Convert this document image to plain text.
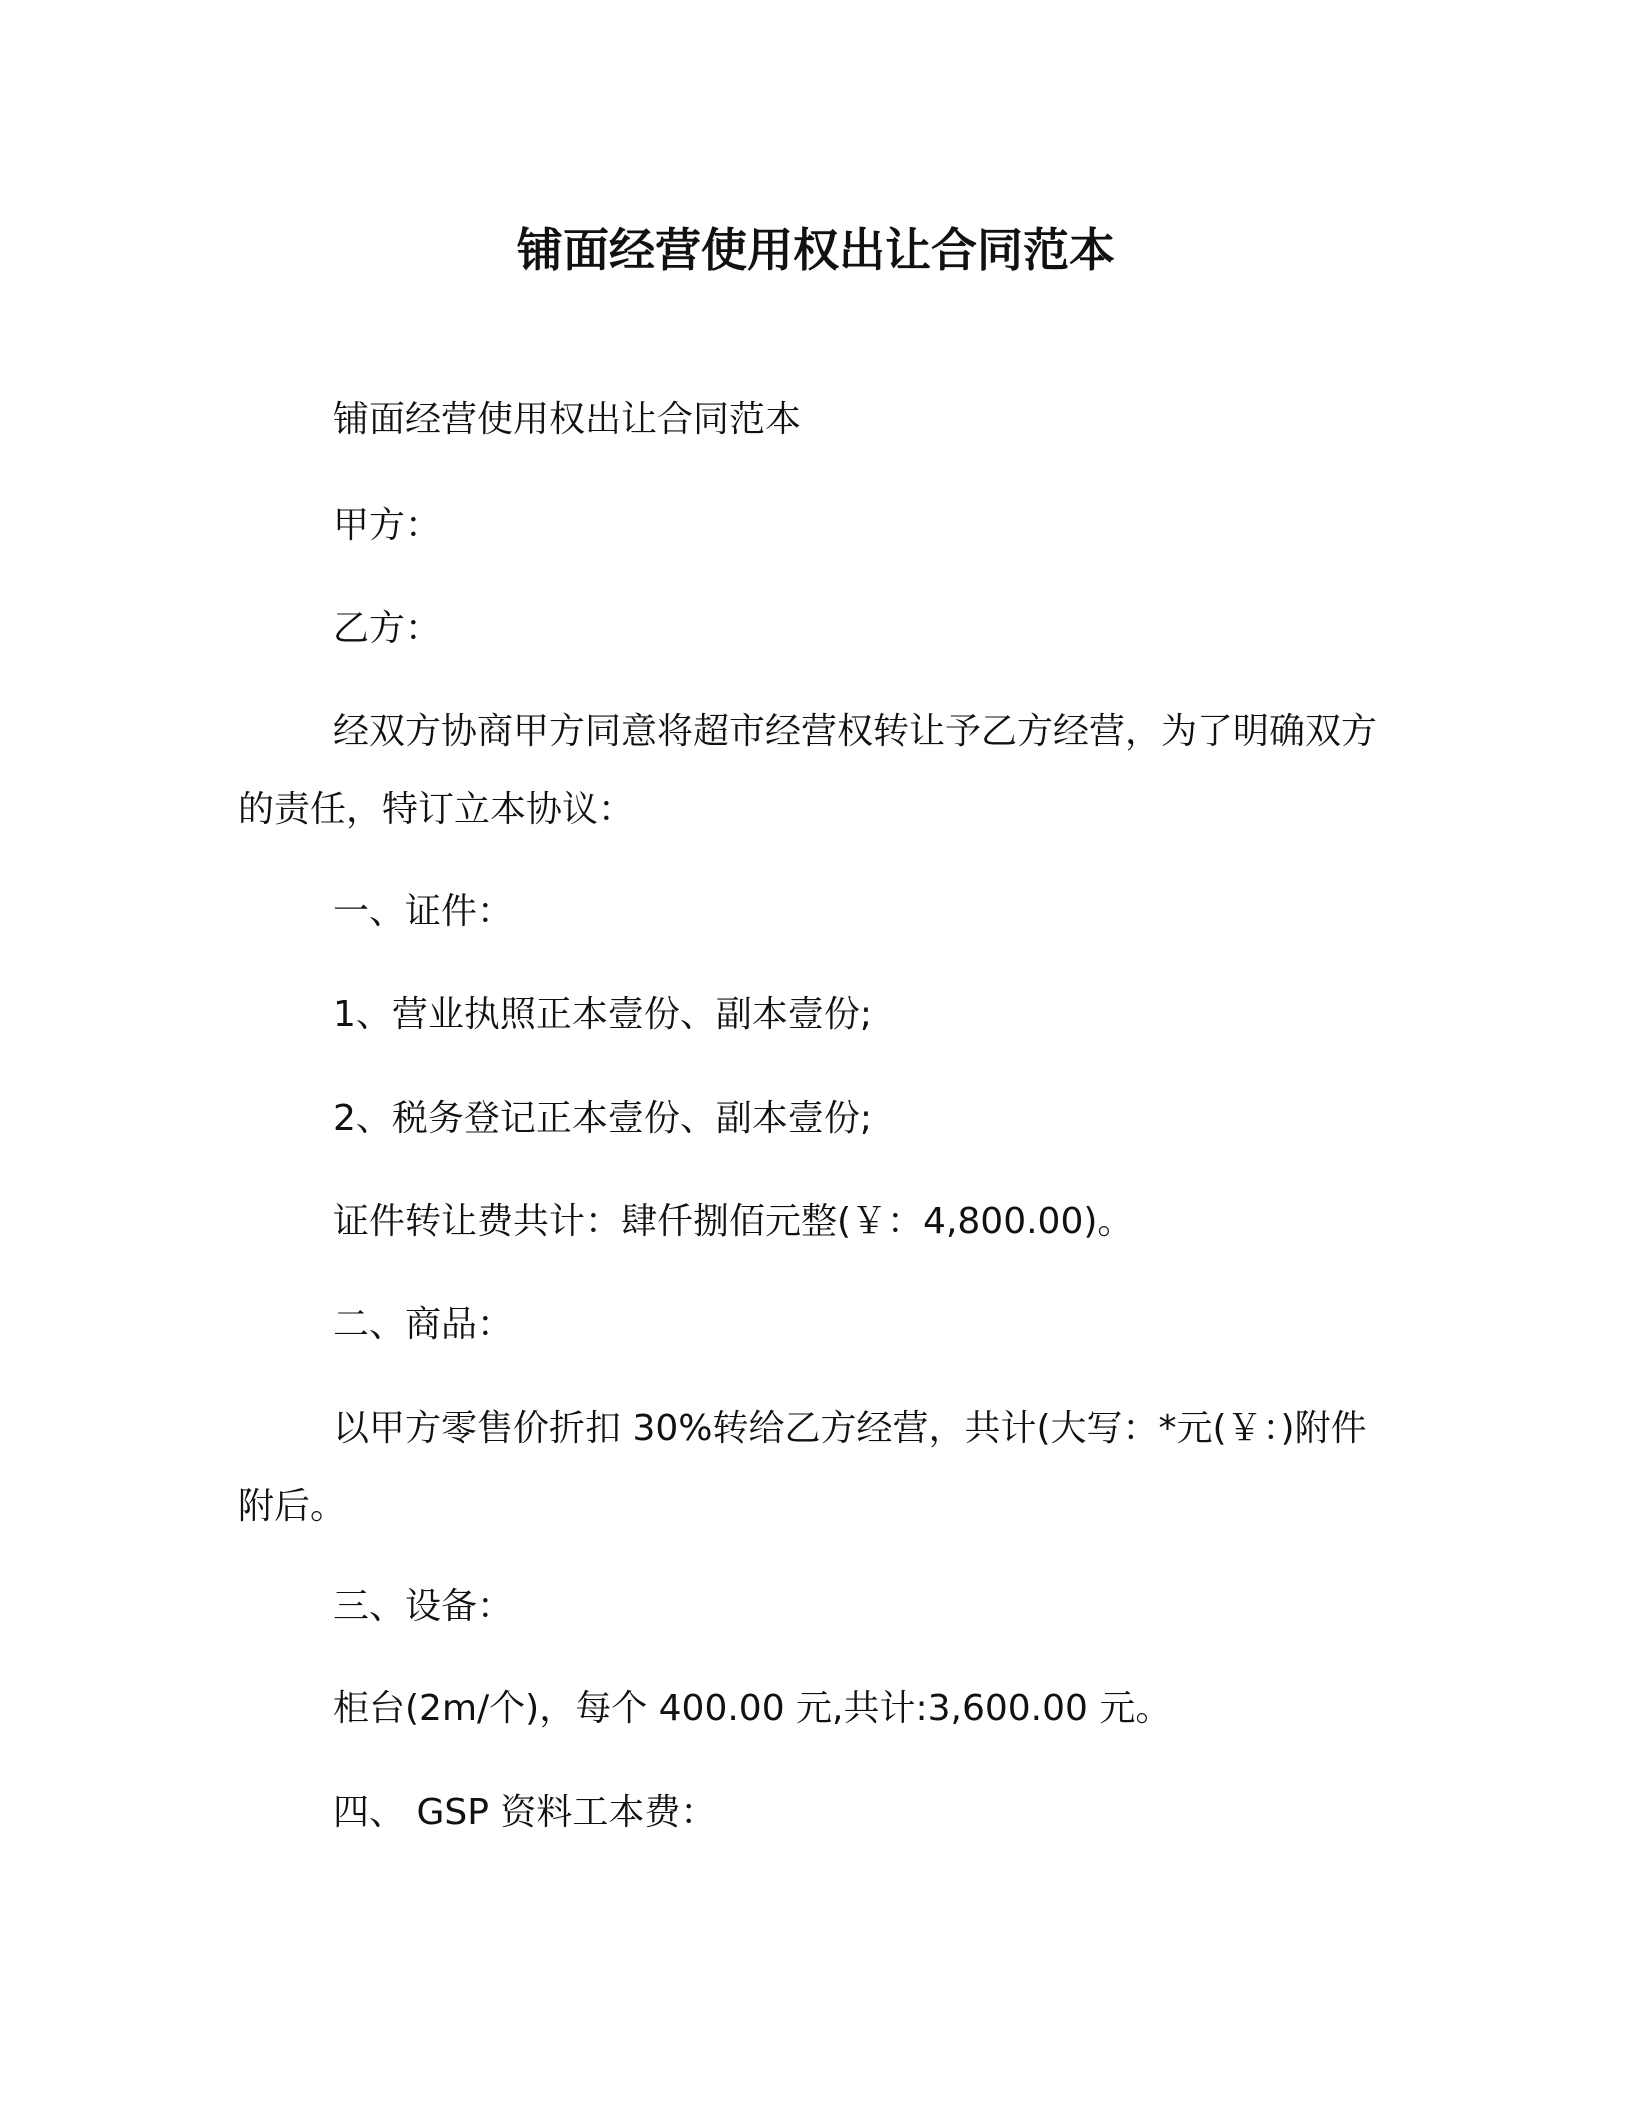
铺面经营使用权出让合同范本

铺面经营使用权出让合同范本

甲方：

乙方：

经双方协商甲方同意将超市经营权转让予乙方经营，为了明确双方的责任，特订立本协议：

一、证件：

1、营业执照正本壹份、副本壹份;

2、税务登记正本壹份、副本壹份;

证件转让费共计：肆仟捌佰元整(￥：4,800.00)。

二、商品：

以甲方零售价折扣 30%转给乙方经营，共计(大写：*元(￥：)附件附后。

三、设备：

柜台(2m/个)，每个 400.00 元,共计:3,600.00 元。

四、 GSP 资料工本费：
